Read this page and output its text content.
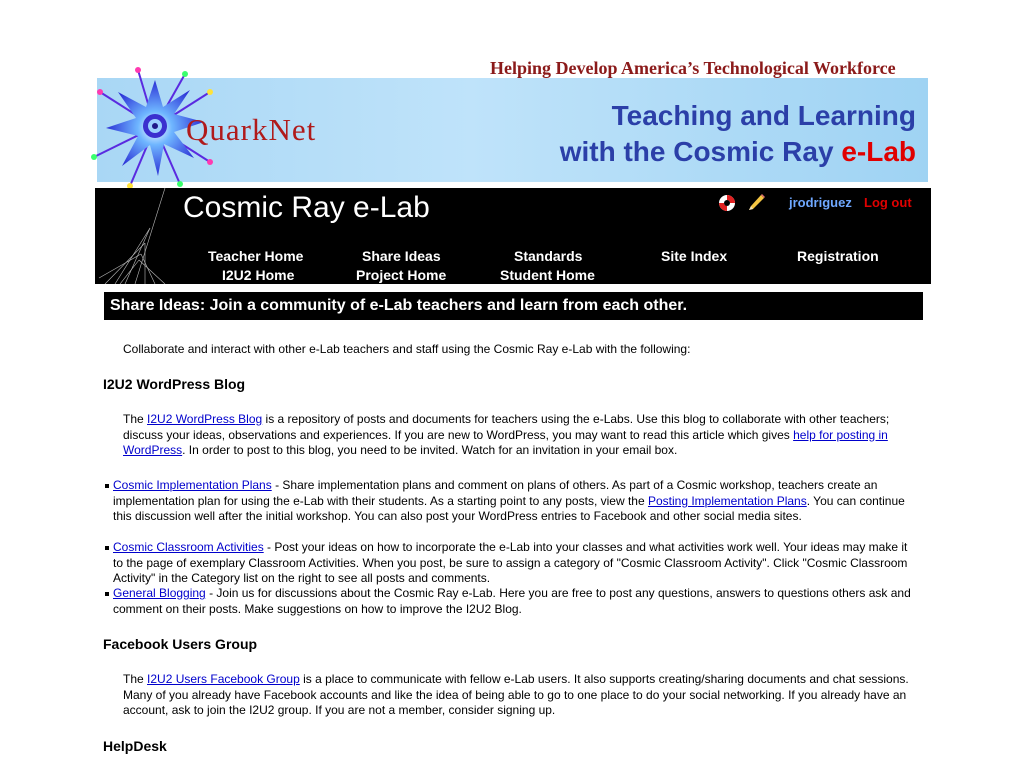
Helping Develop America’s Technological Workforce
QuarkNet	Teaching and Learning
with the Cosmic Ray e-Lab
Cosmic Ray e-Lab	jrodriguez Log out
Teacher Home
I2U2 Home
Share Ideas
Project Home
Standards
Student Home
Site Index	Registration
Share Ideas: Join a community of e-Lab teachers and learn from each other.
Collaborate and interact with other e-Lab teachers and staff using the Cosmic Ray e-Lab with the following:
I2U2 WordPress Blog
The I2U2 WordPress Blog is a repository of posts and documents for teachers using the e-Labs. Use this blog to collaborate with other teachers; discuss your ideas, observations and experiences. If you are new to WordPress, you may want to read this article which gives help for posting in WordPress. In order to post to this blog, you need to be invited. Watch for an invitation in your email box.
Cosmic Implementation Plans - Share implementation plans and comment on plans of others. As part of a Cosmic workshop, teachers create an implementation plan for using the e-Lab with their students. As a starting point to any posts, view the Posting Implementation Plans. You can continue this discussion well after the initial workshop. You can also post your WordPress entries to Facebook and other social media sites.
Cosmic Classroom Activities - Post your ideas on how to incorporate the e-Lab into your classes and what activities work well. Your ideas may make it to the page of exemplary Classroom Activities. When you post, be sure to assign a category of "Cosmic Classroom Activity". Click "Cosmic Classroom Activity" in the Category list on the right to see all posts and comments.
General Blogging - Join us for discussions about the Cosmic Ray e-Lab. Here you are free to post any questions, answers to questions others ask and comment on their posts. Make suggestions on how to improve the I2U2 Blog.
Facebook Users Group
The I2U2 Users Facebook Group is a place to communicate with fellow e-Lab users. It also supports creating/sharing documents and chat sessions. Many of you already have Facebook accounts and like the idea of being able to go to one place to do your social networking. If you already have an account, ask to join the I2U2 group. If you are not a member, consider signing up.
HelpDesk
